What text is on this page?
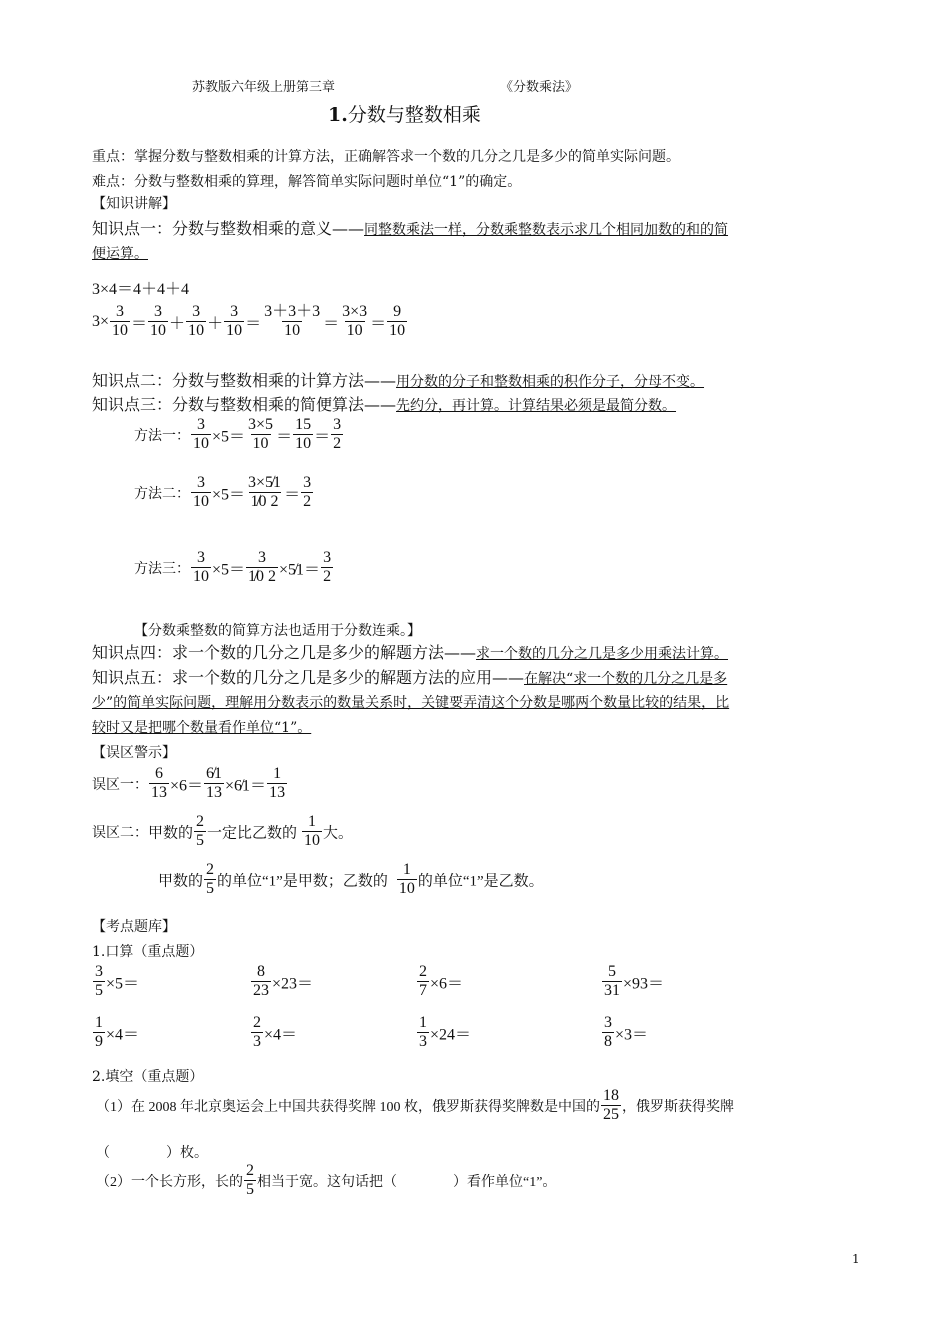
苏教版六年级上册第三章	《分数乘法》
1.分数与整数相乘
重点：掌握分数与整数相乘的计算方法，正确解答求一个数的几分之几是多少的简单实际问题。
难点：分数与整数相乘的算理，解答简单实际问题时单位“1”的确定。
【知识讲解】
知识点一：分数与整数相乘的意义——同整数乘法一样，分数乘整数表示求几个相同加数的和的简
便运算。
3×4＝4＋4＋4
$3\times \frac{3}{10} = \frac{3}{10} + \frac{3}{10} + \frac{3}{10} = \frac{3+3+3}{10} = \frac{3\times 3}{10} = \frac{9}{10}$
知识点二：分数与整数相乘的计算方法——用分数的分子和整数相乘的积作分子，分母不变。
知识点三：分数与整数相乘的简便算法——先约分，再计算。计算结果必须是最简分数。
方法一： $\frac{3}{10} \times 5= \frac{3\times 5}{10} = \frac{15}{10} = \frac{3}{2}$
方法二： $\frac{3}{10} \times 5= \frac{3\times 5̸1}{1̸0 2} = \frac{3}{2}$
方法三： $\frac{3}{10} \times 5= \frac{3}{1̸0 2}$ ×5̸1＝ $\frac{3}{2}$
【分数乘整数的简算方法也适用于分数连乘。】
知识点四：求一个数的几分之几是多少的解题方法——求一个数的几分之几是多少用乘法计算。
知识点五：求一个数的几分之几是多少的解题方法的应用——在解决“求一个数的几分之几是多
少”的简单实际问题，理解用分数表示的数量关系时，关键要弄清这个分数是哪两个数量比较的结果，比
较时又是把哪个数量看作单位“1”。
【误区警示】
误区一： $\frac{6}{13} \times 6= \frac{6̸1}{13}$ ×6̸1＝ $\frac{1}{13}$
误区二：甲数的 $\frac{2}{5}$ 一定比乙数的 $\frac{1}{10}$ 大。
甲数的 $\frac{2}{5}$ 的单位“1”是甲数；乙数的 $\frac{1}{10}$ 的单位“1”是乙数。
【考点题库】
1.口算（重点题）
$\frac{3}{5} \times 5=$	$\frac{8}{23} \times 23=$	$\frac{2}{7} \times 6=$	$\frac{5}{31} \times 93=$
$\frac{1}{9} \times 4=$	$\frac{2}{3} \times 4=$	$\frac{1}{3} \times 24=$	$\frac{3}{8} \times 3=$
2.填空（重点题）
（1）在 2008 年北京奥运会上中国共获得奖牌 100 枚，俄罗斯获得奖牌数是中国的 $\frac{18}{25}$ ，俄罗斯获得奖牌
（　　　　）枚。
（2）一个长方形，长的 $\frac{2}{5}$ 相当于宽。这句话把（　　　　）看作单位“1”。
1
